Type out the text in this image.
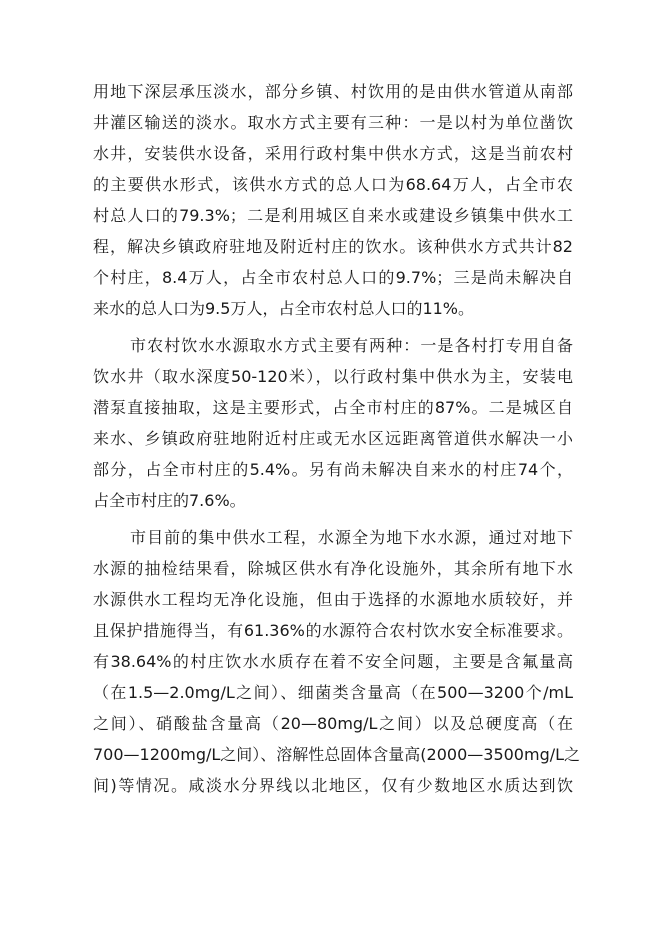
用地下深层承压淡水，部分乡镇、村饮用的是由供水管道从南部
井灌区输送的淡水。取水方式主要有三种：一是以村为单位凿饮
水井，安装供水设备，采用行政村集中供水方式，这是当前农村
的主要供水形式，该供水方式的总人口为68.64万人，占全市农
村总人口的79.3%；二是利用城区自来水或建设乡镇集中供水工
程，解决乡镇政府驻地及附近村庄的饮水。该种供水方式共计82
个村庄，8.4万人，占全市农村总人口的9.7%；三是尚未解决自
来水的总人口为9.5万人，占全市农村总人口的11%。
市农村饮水水源取水方式主要有两种：一是各村打专用自备
饮水井（取水深度50-120米），以行政村集中供水为主，安装电
潜泵直接抽取，这是主要形式，占全市村庄的87%。二是城区自
来水、乡镇政府驻地附近村庄或无水区远距离管道供水解决一小
部分，占全市村庄的5.4%。另有尚未解决自来水的村庄74个，
占全市村庄的7.6%。
市目前的集中供水工程，水源全为地下水水源，通过对地下
水源的抽检结果看，除城区供水有净化设施外，其余所有地下水
水源供水工程均无净化设施，但由于选择的水源地水质较好，并
且保护措施得当，有61.36%的水源符合农村饮水安全标准要求。
有38.64%的村庄饮水水质存在着不安全问题，主要是含氟量高
（在1.5—2.0mg/L之间）、细菌类含量高（在500—3200个/mL
之间）、硝酸盐含量高（20—80mg/L之间）以及总硬度高（在
700—1200mg/L之间）、溶解性总固体含量高(2000—3500mg/L之
间)等情况。咸淡水分界线以北地区，仅有少数地区水质达到饮
